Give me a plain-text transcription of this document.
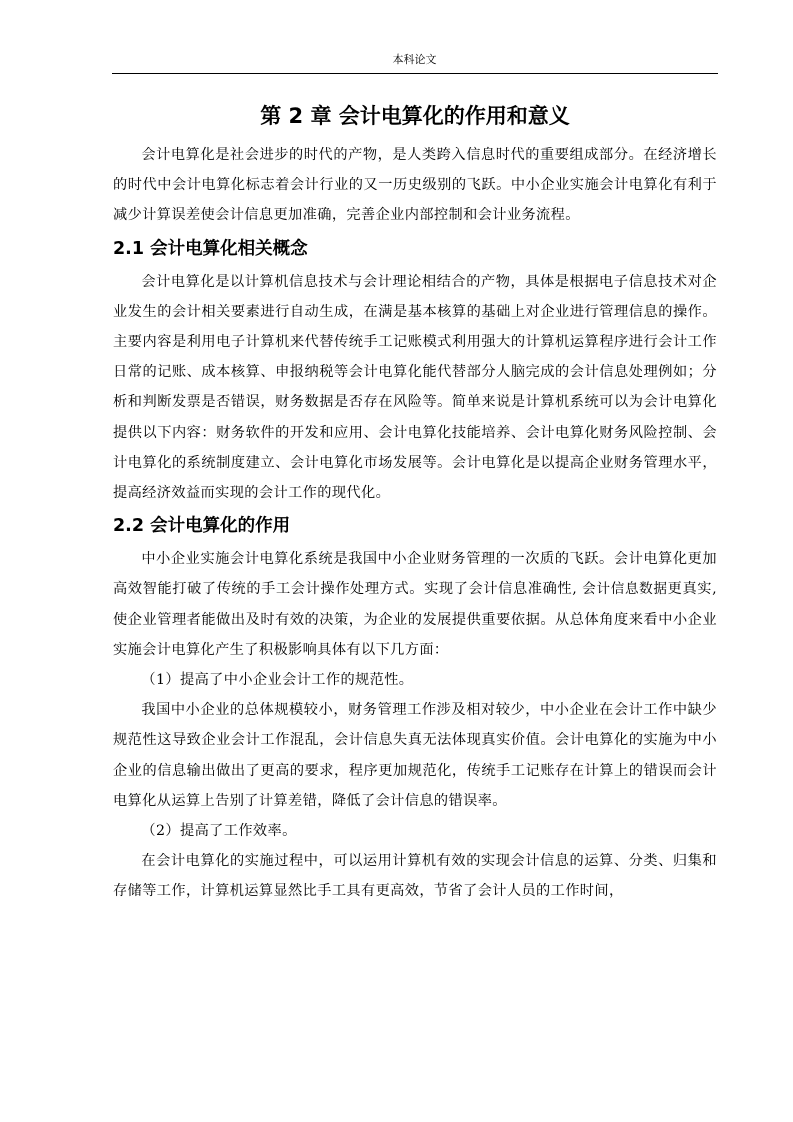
本科论文
第 2 章 会计电算化的作用和意义

会计电算化是社会进步的时代的产物，是人类跨入信息时代的重要组成部分。在经济增长的时代中会计电算化标志着会计行业的又一历史级别的飞跃。中小企业实施会计电算化有利于减少计算误差使会计信息更加准确，完善企业内部控制和会计业务流程。

2.1 会计电算化相关概念

会计电算化是以计算机信息技术与会计理论相结合的产物，具体是根据电子信息技术对企业发生的会计相关要素进行自动生成，在满是基本核算的基础上对企业进行管理信息的操作。主要内容是利用电子计算机来代替传统手工记账模式利用强大的计算机运算程序进行会计工作日常的记账、成本核算、申报纳税等会计电算化能代替部分人脑完成的会计信息处理例如；分析和判断发票是否错误，财务数据是否存在风险等。简单来说是计算机系统可以为会计电算化提供以下内容：财务软件的开发和应用、会计电算化技能培养、会计电算化财务风险控制、会计电算化的系统制度建立、会计电算化市场发展等。会计电算化是以提高企业财务管理水平，提高经济效益而实现的会计工作的现代化。

2.2 会计电算化的作用

中小企业实施会计电算化系统是我国中小企业财务管理的一次质的飞跃。会计电算化更加高效智能打破了传统的手工会计操作处理方式。实现了会计信息准确性, 会计信息数据更真实, 使企业管理者能做出及时有效的决策，为企业的发展提供重要依据。从总体角度来看中小企业实施会计电算化产生了积极影响具体有以下几方面：

（1）提高了中小企业会计工作的规范性。

我国中小企业的总体规模较小，财务管理工作涉及相对较少，中小企业在会计工作中缺少规范性这导致企业会计工作混乱，会计信息失真无法体现真实价值。会计电算化的实施为中小企业的信息输出做出了更高的要求，程序更加规范化，传统手工记账存在计算上的错误而会计电算化从运算上告别了计算差错，降低了会计信息的错误率。

（2）提高了工作效率。

在会计电算化的实施过程中，可以运用计算机有效的实现会计信息的运算、分类、归集和存储等工作，计算机运算显然比手工具有更高效，节省了会计人员的工作时间，
